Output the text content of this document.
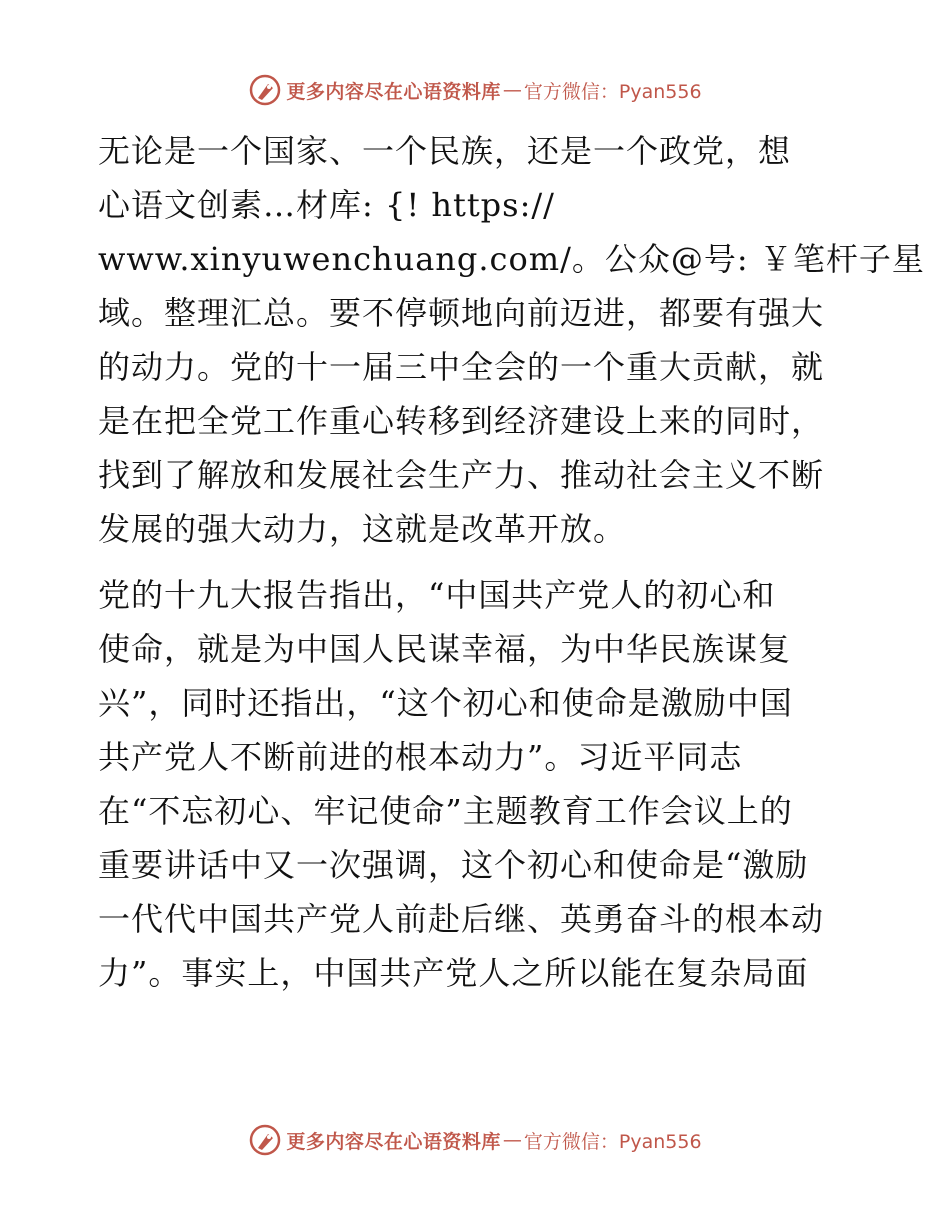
更多内容尽在心语资料库 — 官方微信：Pyan556

无论是一个国家、一个民族，还是一个政党，想
心语文创素…材库: {! https://
www.xinyuwenchuang.com/。公众@号: ￥笔杆子星
域。整理汇总。要不停顿地向前迈进，都要有强大
的动力。党的十一届三中全会的一个重大贡献，就
是在把全党工作重心转移到经济建设上来的同时，
找到了解放和发展社会生产力、推动社会主义不断
发展的强大动力，这就是改革开放。

党的十九大报告指出，“中国共产党人的初心和
使命，就是为中国人民谋幸福，为中华民族谋复
兴”，同时还指出，“这个初心和使命是激励中国
共产党人不断前进的根本动力”。习近平同志
在“不忘初心、牢记使命”主题教育工作会议上的
重要讲话中又一次强调，这个初心和使命是“激励
一代代中国共产党人前赴后继、英勇奋斗的根本动
力”。事实上，中国共产党人之所以能在复杂局面

更多内容尽在心语资料库 — 官方微信：Pyan556
